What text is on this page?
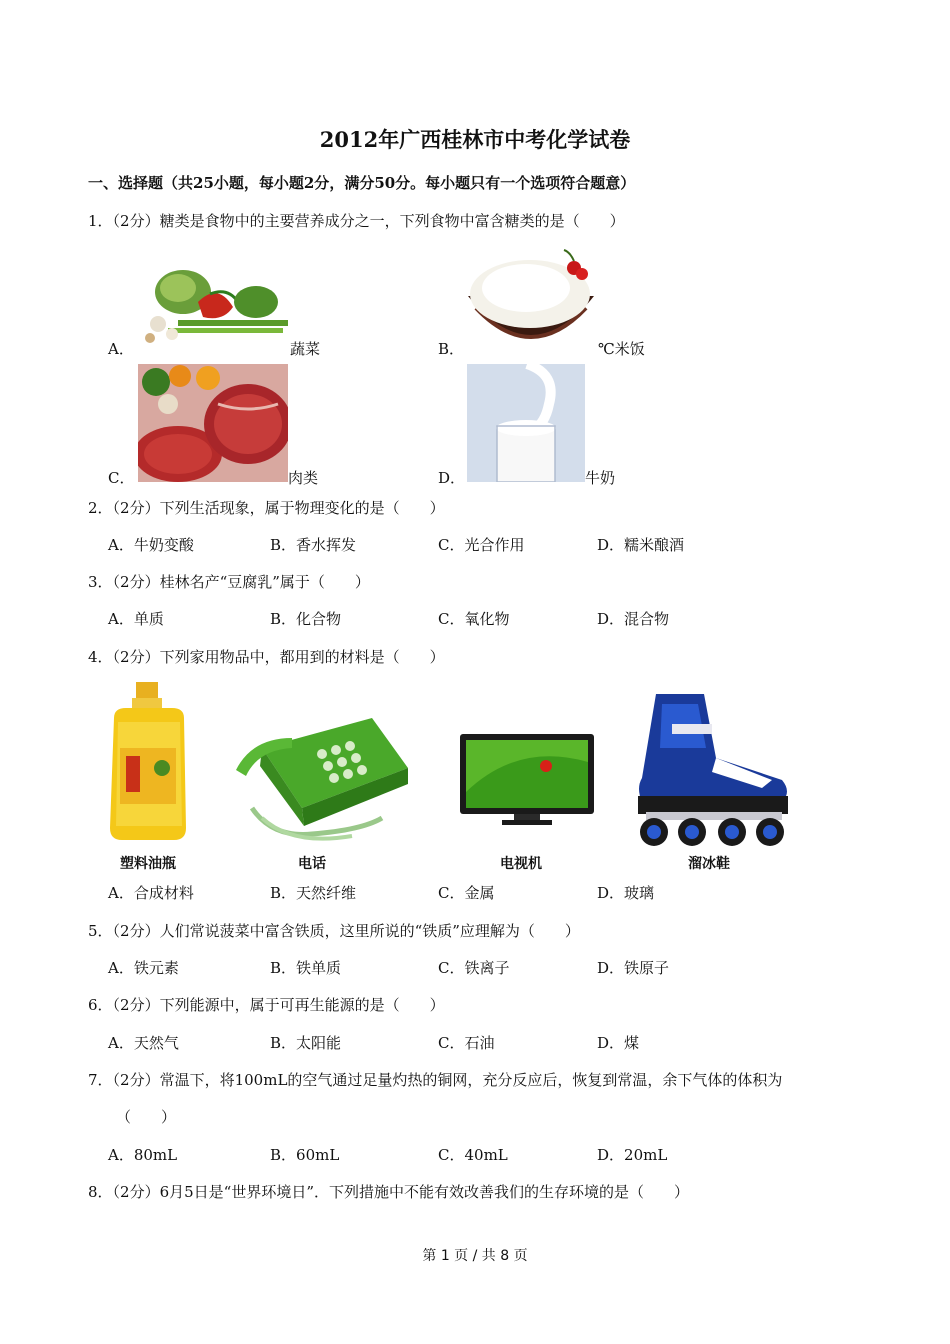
2012年广西桂林市中考化学试卷
一、选择题（共25小题，每小题2分，满分50分。每小题只有一个选项符合题意）
1．（2分）糖类是食物中的主要营养成分之一，下列食物中富含糖类的是（　　）
A．	蔬菜	B．	℃米饭
C．	肉类	D．	牛奶
2．（2分）下列生活现象，属于物理变化的是（　　）
A．牛奶变酸	B．香水挥发	C．光合作用	D．糯米酿酒
3．（2分）桂林名产“豆腐乳”属于（　　）
A．单质	B．化合物	C．氧化物	D．混合物
4．（2分）下列家用物品中，都用到的材料是（　　）
塑料油瓶	电话	电视机	溜冰鞋
A．合成材料	B．天然纤维	C．金属	D．玻璃
5．（2分）人们常说菠菜中富含铁质，这里所说的“铁质”应理解为（　　）
A．铁元素	B．铁单质	C．铁离子	D．铁原子
6．（2分）下列能源中，属于可再生能源的是（　　）
A．天然气	B．太阳能	C．石油	D．煤
7．（2分）常温下，将100mL的空气通过足量灼热的铜网，充分反应后，恢复到常温，余下气体的体积为
（　　）
A．80mL	B．60mL	C．40mL	D．20mL
8．（2分）6月5日是“世界环境日”．下列措施中不能有效改善我们的生存环境的是（　　）
第 1 页 / 共 8 页
